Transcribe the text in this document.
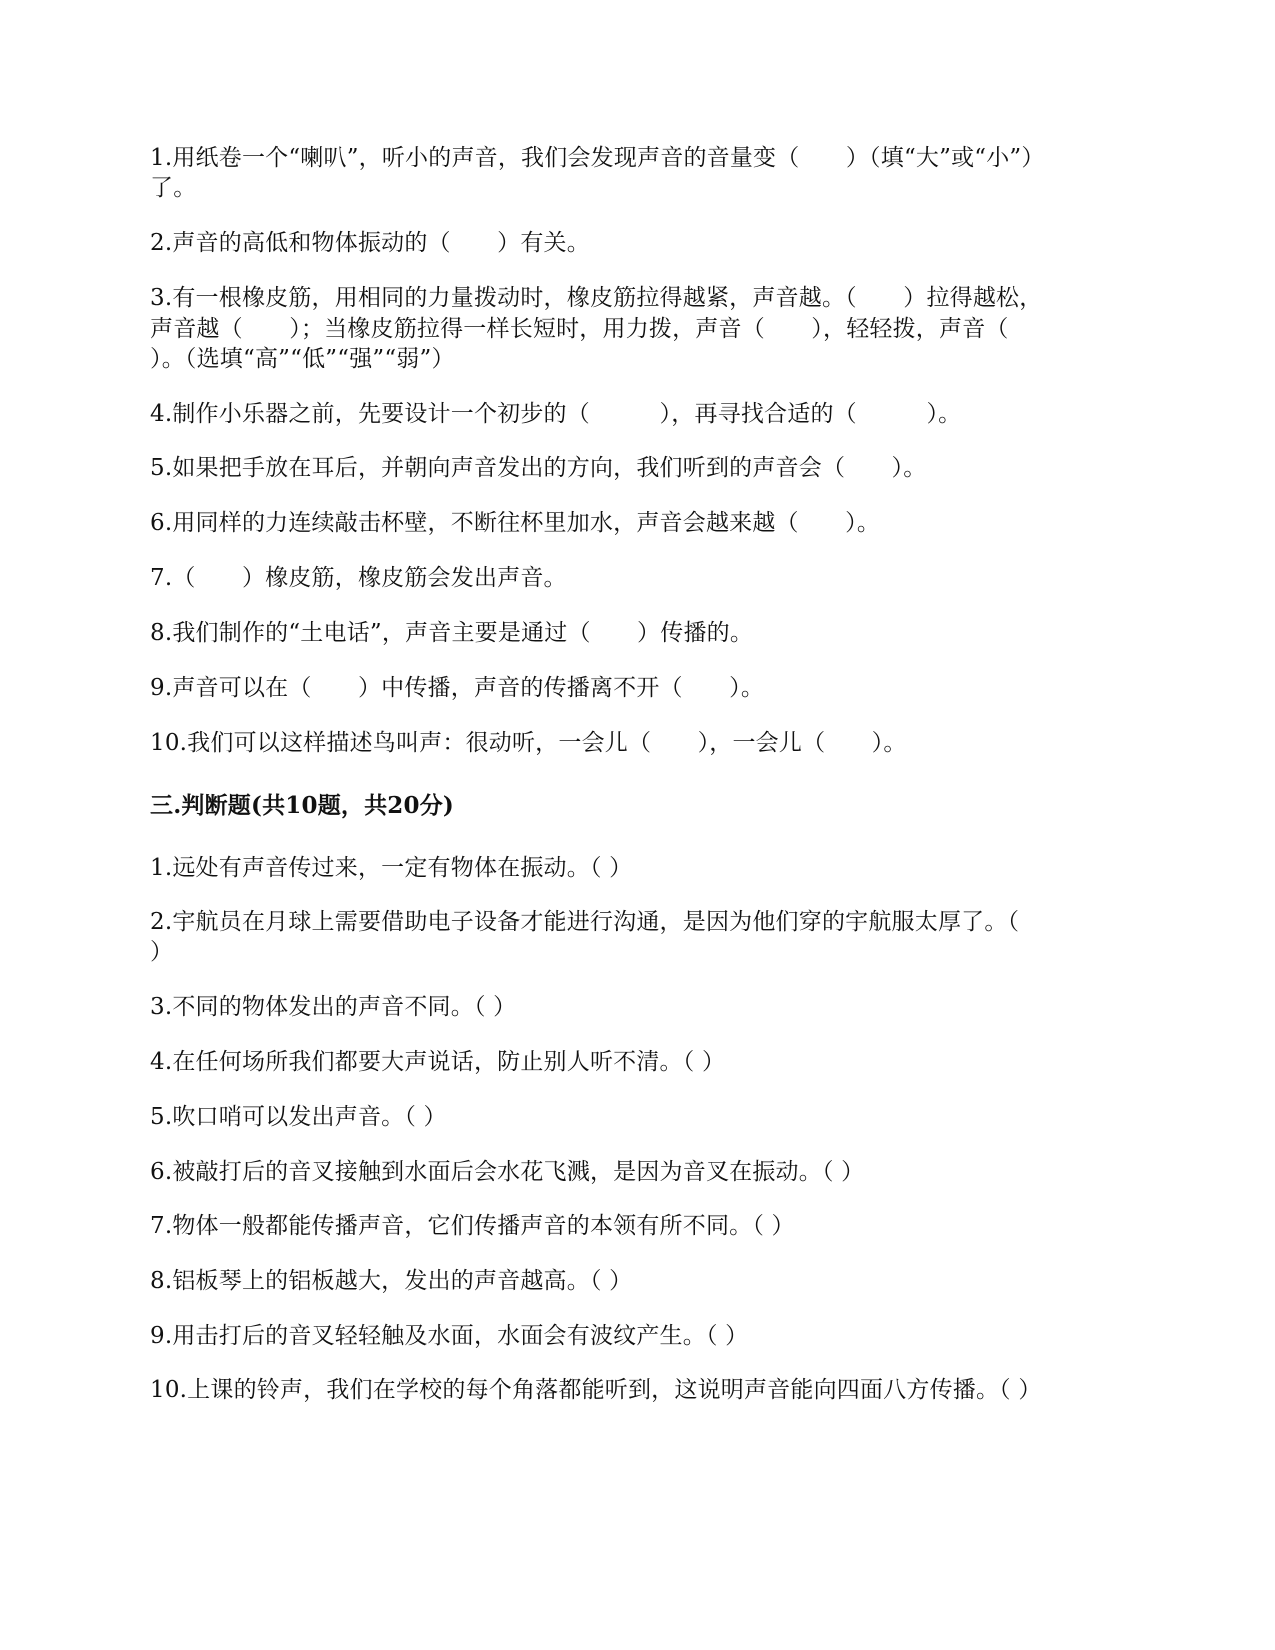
1.用纸卷一个“喇叭”，听小的声音，我们会发现声音的音量变（　　）（填“大”或“小”）
了。
2.声音的高低和物体振动的（　　）有关。
3.有一根橡皮筋，用相同的力量拨动时，橡皮筋拉得越紧，声音越。（　　）拉得越松，
声音越（　　）；当橡皮筋拉得一样长短时，用力拨，声音（　　），轻轻拨，声音（
）。（选填“高”“低”“强”“弱”）
4.制作小乐器之前，先要设计一个初步的（　　　），再寻找合适的（　　　）。
5.如果把手放在耳后，并朝向声音发出的方向，我们听到的声音会（　　）。
6.用同样的力连续敲击杯壁，不断往杯里加水，声音会越来越（　　）。
7.（　　）橡皮筋，橡皮筋会发出声音。
8.我们制作的“土电话”，声音主要是通过（　　）传播的。
9.声音可以在（　　）中传播，声音的传播离不开（　　）。
10.我们可以这样描述鸟叫声：很动听，一会儿（　　），一会儿（　　）。
三.判断题(共10题，共20分)
1.远处有声音传过来，一定有物体在振动。（ ）
2.宇航员在月球上需要借助电子设备才能进行沟通，是因为他们穿的宇航服太厚了。（
）
3.不同的物体发出的声音不同。（ ）
4.在任何场所我们都要大声说话，防止别人听不清。（ ）
5.吹口哨可以发出声音。（ ）
6.被敲打后的音叉接触到水面后会水花飞溅，是因为音叉在振动。（ ）
7.物体一般都能传播声音，它们传播声音的本领有所不同。（ ）
8.铝板琴上的铝板越大，发出的声音越高。（ ）
9.用击打后的音叉轻轻触及水面，水面会有波纹产生。（ ）
10.上课的铃声，我们在学校的每个角落都能听到，这说明声音能向四面八方传播。（ ）
